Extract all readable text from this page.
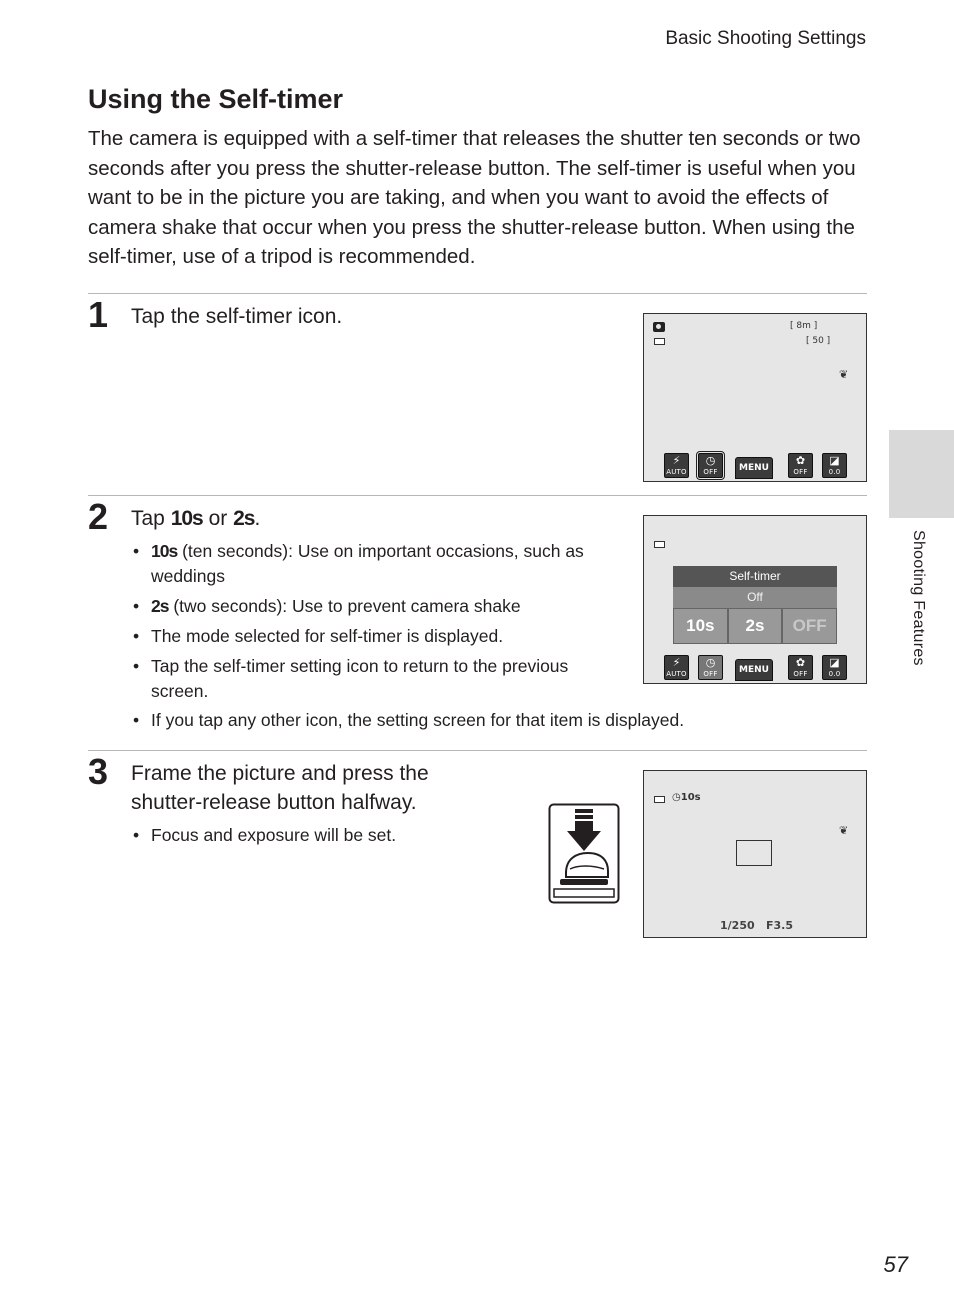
Basic Shooting Settings
Using the Self-timer

The camera is equipped with a self-timer that releases the shutter ten seconds or two seconds after you press the shutter-release button. The self-timer is useful when you want to be in the picture you are taking, and when you want to avoid the effects of camera shake that occur when you press the shutter-release button. When using the self-timer, use of a tripod is recommended.

1 Tap the self-timer icon.	[ 8m ]
[ 50 ]
❦
⚡
AUTO
◷
OFF	MENU
✿
OFF
◪
0.0
2 Tap 10s or 2s.
• 10s (ten seconds): Use on important occasions, such as weddings
• 2s (two seconds): Use to prevent camera shake
• The mode selected for self-timer is displayed.
• Tap the self-timer setting icon to return to the previous screen.
• If you tap any other icon, the setting screen for that item is displayed.
Self-timer
Off
10s	2s	OFF
⚡
AUTO
◷
OFF	MENU
✿
OFF
◪
0.0
3 Frame the picture and press the shutter-release button halfway.
• Focus and exposure will be set.
◷10s
❦
1/250 F3.5
Shooting Features
57
